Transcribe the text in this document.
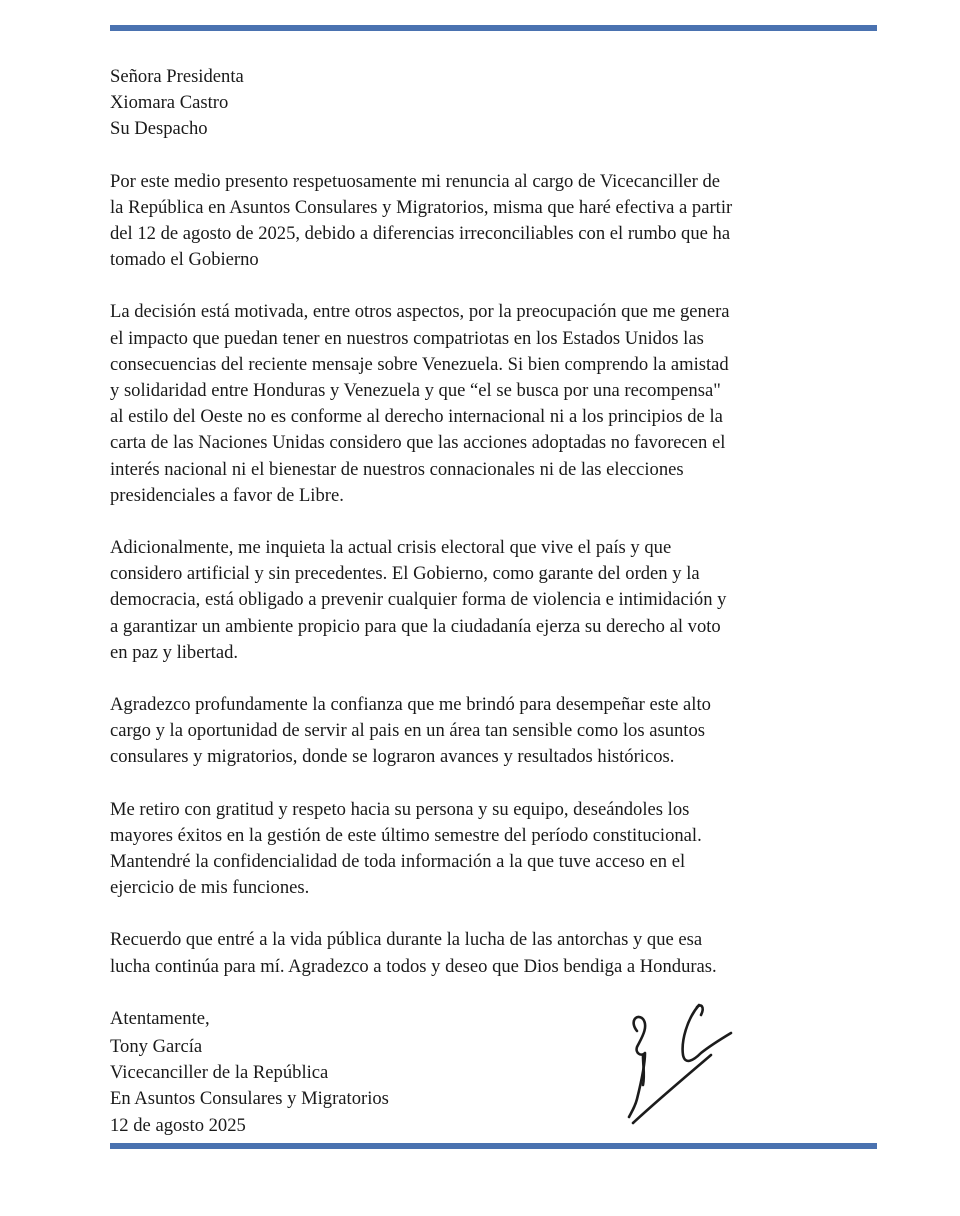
Señora Presidenta
Xiomara Castro
Su Despacho
Por este medio presento respetuosamente mi renuncia al cargo de Vicecanciller de
la República en Asuntos Consulares y Migratorios, misma que haré efectiva a partir
del 12 de agosto de 2025, debido a diferencias irreconciliables con el rumbo que ha
tomado el Gobierno
La decisión está motivada, entre otros aspectos, por la preocupación que me genera
el impacto que puedan tener en nuestros compatriotas en los Estados Unidos las
consecuencias del reciente mensaje sobre Venezuela. Si bien comprendo la amistad
y solidaridad entre Honduras y Venezuela y que “el se busca por una recompensa"
al estilo del Oeste no es conforme al derecho internacional ni a los principios de la
carta de las Naciones Unidas considero que las acciones adoptadas no favorecen el
interés nacional ni el bienestar de nuestros connacionales ni de las elecciones
presidenciales a favor de Libre.
Adicionalmente, me inquieta la actual crisis electoral que vive el país y que
considero artificial y sin precedentes. El Gobierno, como garante del orden y la
democracia, está obligado a prevenir cualquier forma de violencia e intimidación y
a garantizar un ambiente propicio para que la ciudadanía ejerza su derecho al voto
en paz y libertad.
Agradezco profundamente la confianza que me brindó para desempeñar este alto
cargo y la oportunidad de servir al pais en un área tan sensible como los asuntos
consulares y migratorios, donde se lograron avances y resultados históricos.
Me retiro con gratitud y respeto hacia su persona y su equipo, deseándoles los
mayores éxitos en la gestión de este último semestre del período constitucional.
Mantendré la confidencialidad de toda información a la que tuve acceso en el
ejercicio de mis funciones.
Recuerdo que entré a la vida pública durante la lucha de las antorchas y que esa
lucha continúa para mí. Agradezco a todos y deseo que Dios bendiga a Honduras.
Atentamente,
Tony García
Vicecanciller de la República
En Asuntos Consulares y Migratorios
12 de agosto 2025
